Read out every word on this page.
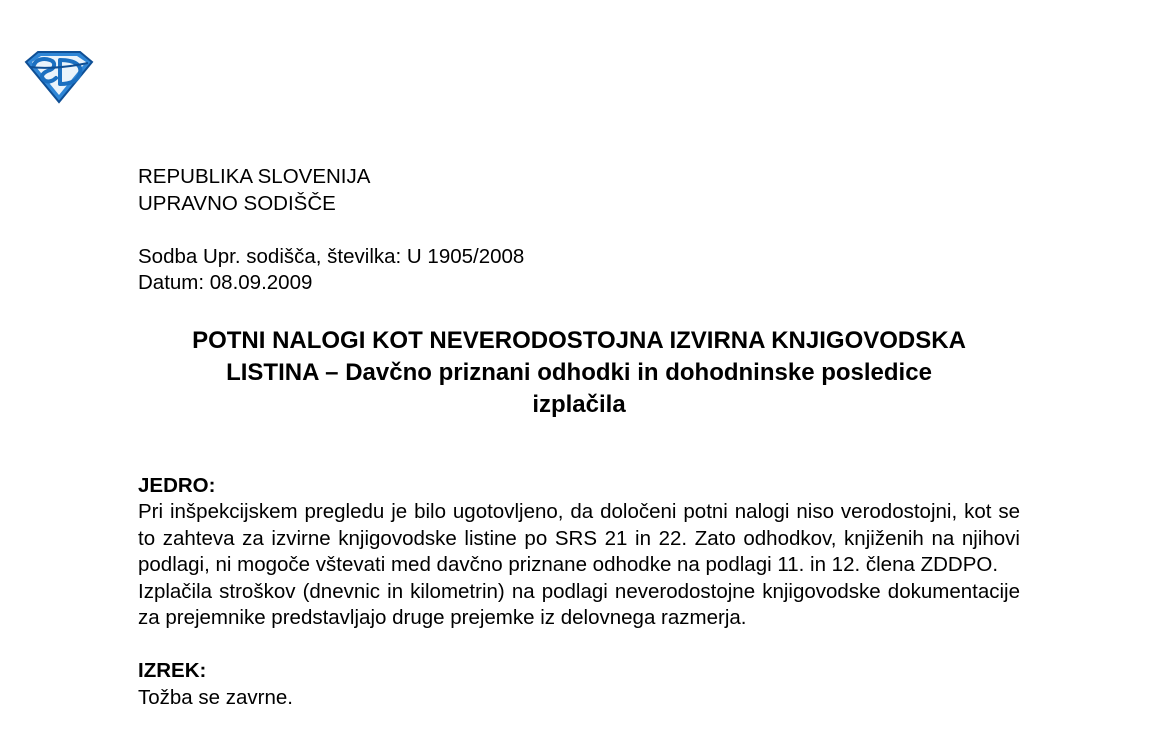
REPUBLIKA SLOVENIJA
UPRAVNO SODIŠČE
Sodba Upr. sodišča, številka: U 1905/2008
Datum: 08.09.2009
POTNI NALOGI KOT NEVERODOSTOJNA IZVIRNA KNJIGOVODSKA
LISTINA – Davčno priznani odhodki in dohodninske posledice
izplačila
JEDRO:

Pri inšpekcijskem pregledu je bilo ugotovljeno, da določeni potni nalogi niso verodostojni, kot se to zahteva za izvirne knjigovodske listine po SRS 21 in 22. Zato odhodkov, knjiženih na njihovi podlagi, ni mogoče vštevati med davčno priznane odhodke na podlagi 11. in 12. člena ZDDPO.

Izplačila stroškov (dnevnic in kilometrin) na podlagi neverodostojne knjigovodske dokumentacije za prejemnike predstavljajo druge prejemke iz delovnega razmerja.

IZREK:

Tožba se zavrne.
